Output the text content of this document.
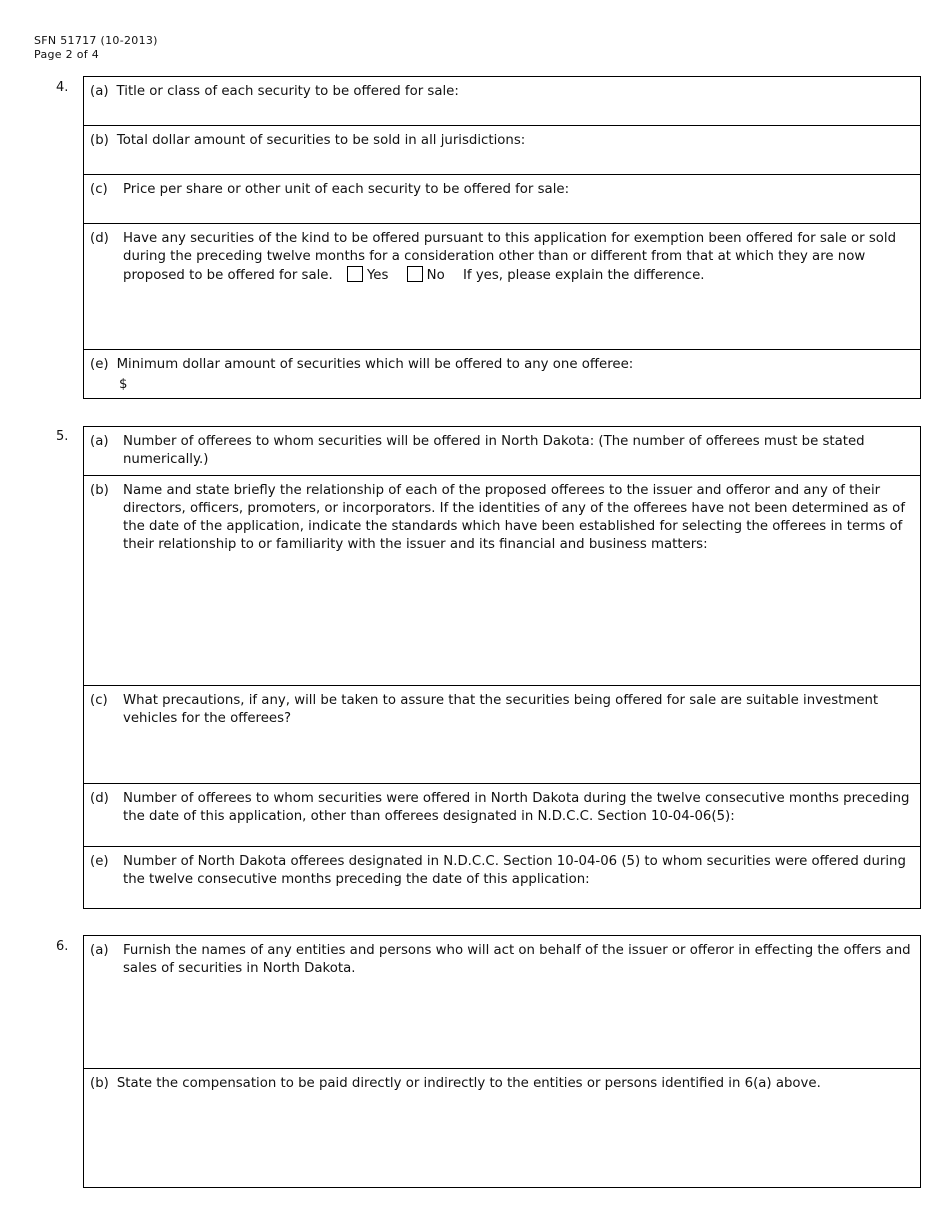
SFN 51717 (10-2013)
Page 2 of 4
4. (a) Title or class of each security to be offered for sale:
(b) Total dollar amount of securities to be sold in all jurisdictions:
(c) Price per share or other unit of each security to be offered for sale:
(d) Have any securities of the kind to be offered pursuant to this application for exemption been offered for sale or sold during the preceding twelve months for a consideration other than or different from that at which they are now proposed to be offered for sale.	Yes	No If yes, please explain the difference.
(e) Minimum dollar amount of securities which will be offered to any one offeree:
$
5. (a) Number of offerees to whom securities will be offered in North Dakota: (The number of offerees must be stated numerically.)
(b) Name and state briefly the relationship of each of the proposed offerees to the issuer and offeror and any of their directors, officers, promoters, or incorporators. If the identities of any of the offerees have not been determined as of the date of the application, indicate the standards which have been established for selecting the offerees in terms of their relationship to or familiarity with the issuer and its financial and business matters:
(c) What precautions, if any, will be taken to assure that the securities being offered for sale are suitable investment vehicles for the offerees?
(d) Number of offerees to whom securities were offered in North Dakota during the twelve consecutive months preceding the date of this application, other than offerees designated in N.D.C.C. Section 10-04-06(5):
(e) Number of North Dakota offerees designated in N.D.C.C. Section 10-04-06 (5) to whom securities were offered during the twelve consecutive months preceding the date of this application:
6. (a) Furnish the names of any entities and persons who will act on behalf of the issuer or offeror in effecting the offers and sales of securities in North Dakota.
(b) State the compensation to be paid directly or indirectly to the entities or persons identified in 6(a) above.
